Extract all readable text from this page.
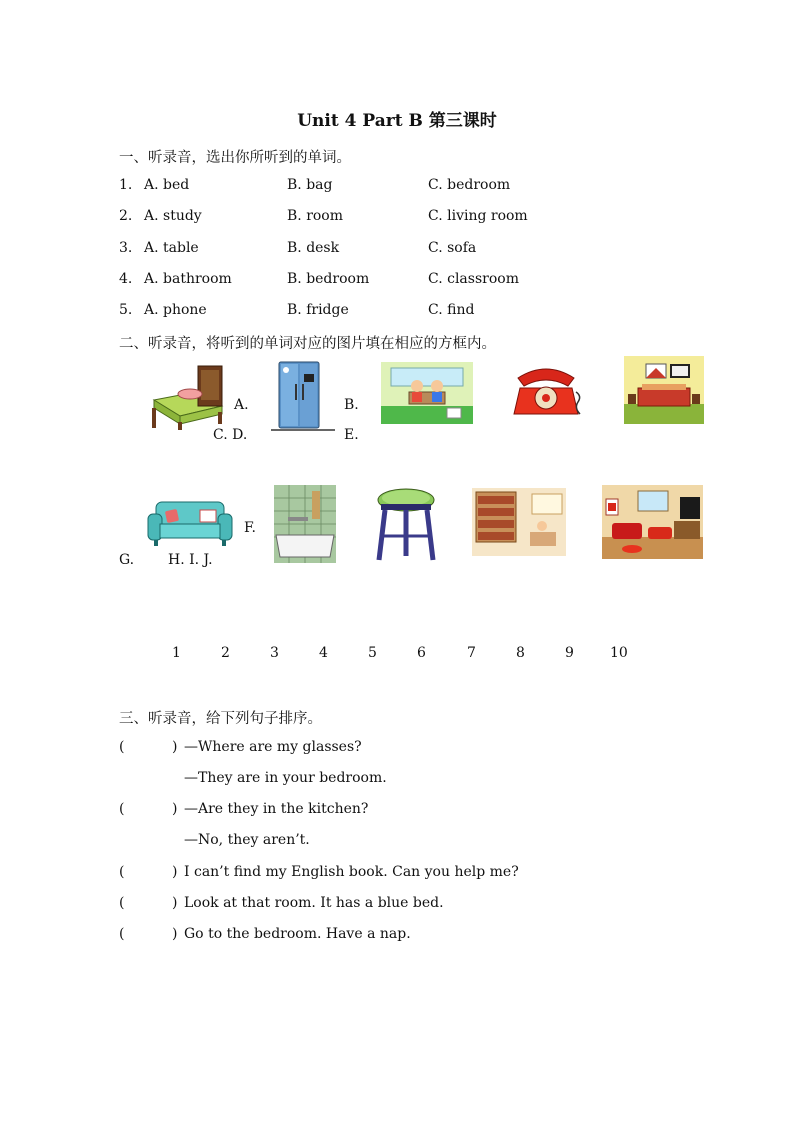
Unit 4 Part B 第三课时
一、听录音，选出你所听到的单词。
1. A. bed	B. bag	C. bedroom
2. A. study	B. room	C. living room
3. A. table	B. desk	C. sofa
4. A. bathroom	B. bedroom	C. classroom
5. A. phone	B. fridge	C. find
二、听录音，将听到的单词对应的图片填在相应的方框内。
A.	B.
C. D.	E.
F.
G. H. I. J.
1	2	3	4	5	6	7	8	9	10
三、听录音，给下列句子排序。
(	) —Where are my glasses?
—They are in your bedroom.
(	) —Are they in the kitchen?
—No, they aren’t.
(	) I can’t find my English book. Can you help me?
(	) Look at that room. It has a blue bed.
(	) Go to the bedroom. Have a nap.
